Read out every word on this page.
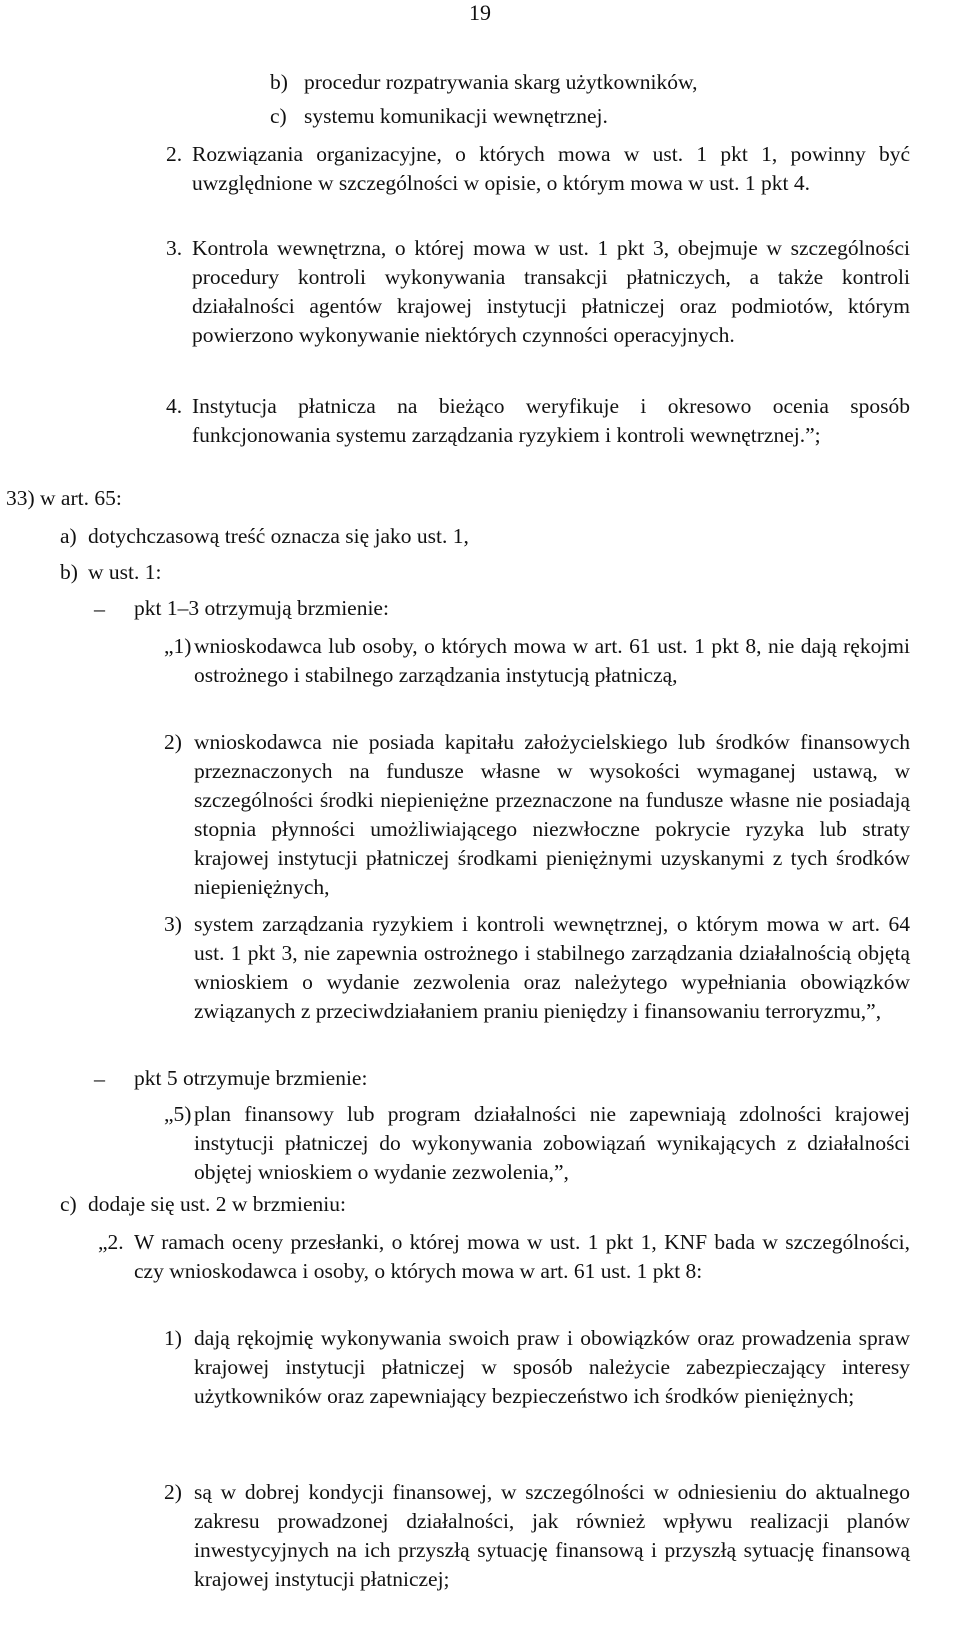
19
b) procedur rozpatrywania skarg użytkowników,
c) systemu komunikacji wewnętrznej.
2. Rozwiązania organizacyjne, o których mowa w ust. 1 pkt 1, powinny być uwzględnione w szczególności w opisie, o którym mowa w ust. 1 pkt 4.
3. Kontrola wewnętrzna, o której mowa w ust. 1 pkt 3, obejmuje w szczególności procedury kontroli wykonywania transakcji płatniczych, a także kontroli działalności agentów krajowej instytucji płatniczej oraz podmiotów, którym powierzono wykonywanie niektórych czynności operacyjnych.
4. Instytucja płatnicza na bieżąco weryfikuje i okresowo ocenia sposób funkcjonowania systemu zarządzania ryzykiem i kontroli wewnętrznej.”;
33) w art. 65:
a) dotychczasową treść oznacza się jako ust. 1,
b) w ust. 1:
– pkt 1–3 otrzymują brzmienie:
„1) wnioskodawca lub osoby, o których mowa w art. 61 ust. 1 pkt 8, nie dają rękojmi ostrożnego i stabilnego zarządzania instytucją płatniczą,
2) wnioskodawca nie posiada kapitału założycielskiego lub środków finansowych przeznaczonych na fundusze własne w wysokości wymaganej ustawą, w szczególności środki niepieniężne przeznaczone na fundusze własne nie posiadają stopnia płynności umożliwiającego niezwłoczne pokrycie ryzyka lub straty krajowej instytucji płatniczej środkami pieniężnymi uzyskanymi z tych środków niepieniężnych,
3) system zarządzania ryzykiem i kontroli wewnętrznej, o którym mowa w art. 64 ust. 1 pkt 3, nie zapewnia ostrożnego i stabilnego zarządzania działalnością objętą wnioskiem o wydanie zezwolenia oraz należytego wypełniania obowiązków związanych z przeciwdziałaniem praniu pieniędzy i finansowaniu terroryzmu,”,
– pkt 5 otrzymuje brzmienie:
„5) plan finansowy lub program działalności nie zapewniają zdolności krajowej instytucji płatniczej do wykonywania zobowiązań wynikających z działalności objętej wnioskiem o wydanie zezwolenia,”,
c) dodaje się ust. 2 w brzmieniu:
„2. W ramach oceny przesłanki, o której mowa w ust. 1 pkt 1, KNF bada w szczególności, czy wnioskodawca i osoby, o których mowa w art. 61 ust. 1 pkt 8:
1) dają rękojmię wykonywania swoich praw i obowiązków oraz prowadzenia spraw krajowej instytucji płatniczej w sposób należycie zabezpieczający interesy użytkowników oraz zapewniający bezpieczeństwo ich środków pieniężnych;
2) są w dobrej kondycji finansowej, w szczególności w odniesieniu do aktualnego zakresu prowadzonej działalności, jak również wpływu realizacji planów inwestycyjnych na ich przyszłą sytuację finansową i przyszłą sytuację finansową krajowej instytucji płatniczej;
